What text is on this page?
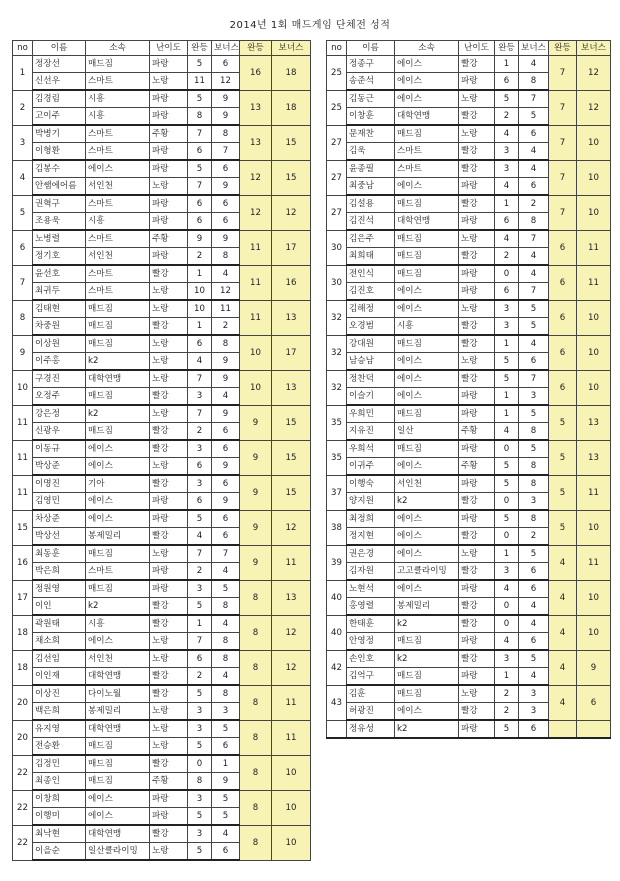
2014년 1회 매드게임 단체전 성적
no	이름	소속	난이도	완등	보너스	완등	보너스
1	정장선	매드짐	파랑	5	6	16	18
	신선우	스마트	노랑	11	12		
2	김경림	시흥	파랑	5	9	13	18
	고이주	시흥	파랑	8	9		
3	박병기	스마트	주황	7	8	13	15
	이형환	스마트	파랑	6	7		
4	김봉수	에이스	파랑	5	6	12	15
	안쌤에어름	서인천	노랑	7	9		
5	권혁구	스마트	파랑	6	6	12	12
	조용욱	시흥	파랑	6	6		
6	노병렬	스마트	주황	9	9	11	17
	정기호	서인천	파랑	2	8		
7	윤선호	스마트	빨강	1	4	11	16
	최귀두	스마트	노랑	10	12		
8	김태현	매드짐	노랑	10	11	11	13
	차중원	매드짐	빨강	1	2		
9	이상원	매드짐	노랑	6	8	10	17
	이주홍	k2	노랑	4	9		
10	구경진	대학연맹	노랑	7	9	10	13
	오정주	매드짐	빨강	3	4		
11	강은정	k2	노랑	7	9	9	15
	신광우	매드짐	빨강	2	6		
11	이동규	에이스	빨강	3	6	9	15
	박상준	에이스	노랑	6	9		
11	이명진	기아	빨강	3	6	9	15
	김영민	에이스	파랑	6	9		
15	차상준	에이스	파랑	5	6	9	12
	박상선	봉제밀리	빨강	4	6		
16	최동훈	매드짐	노랑	7	7	9	11
	박은희	스마트	파랑	2	4		
17	정원영	매드짐	파랑	3	5	8	13
	이인	k2	빨강	5	8		
18	곽원태	시흥	빨강	1	4	8	12
	채소희	에이스	노랑	7	8		
18	김선임	서인천	노랑	6	8	8	12
	이인재	대학연맹	빨강	2	4		
20	이상진	다이노월	빨강	5	8	8	11
	백은희	봉제밀리	노랑	3	3		
20	유지영	대학연맹	노랑	3	5	8	11
	전승환	매드짐	노랑	5	6		
22	김정민	매드짐	빨강	0	1	8	10
	최종인	매드짐	주황	8	9		
22	이창희	에이스	파랑	3	5	8	10
	이행미	에이스	파랑	5	5		
22	최낙현	대학연맹	빨강	3	4	8	10
	이을순	일산클라이밍	노랑	5	6		
no	이름	소속	난이도	완등	보너스	완등	보너스
25	정종구	에이스	빨강	1	4	7	12
	송준석	에이스	파랑	6	8		
25	김동근	에이스	노랑	5	7	7	12
	이창훈	대학연맹	빨강	2	5		
27	문재찬	매드짐	노랑	4	6	7	10
	김욱	스마트	빨강	3	4		
27	윤종필	스마트	빨강	3	4	7	10
	최중남	에이스	파랑	4	6		
27	김설용	매드짐	빨강	1	2	7	10
	김진석	대학연맹	파랑	6	8		
30	김은주	매드짐	노랑	4	7	6	11
	최희태	매드짐	빨강	2	4		
30	전인식	매드짐	파랑	0	4	6	11
	김진호	에이스	파랑	6	7		
32	김해정	에이스	노랑	3	5	6	10
	오경범	시흥	빨강	3	5		
32	강대원	매드짐	빨강	1	4	6	10
	남승남	에이스	노랑	5	6		
32	정찬덕	에이스	빨강	5	7	6	10
	이슬기	에이스	파랑	1	3		
35	우희민	매드짐	파랑	1	5	5	13
	지유진	일산	주황	4	8		
35	우희석	매드짐	파랑	0	5	5	13
	이귀주	에이스	주황	5	8		
37	이행숙	서인천	파랑	5	8	5	11
	양지원	k2	빨강	0	3		
38	최정희	에이스	파랑	5	8	5	10
	정지현	에이스	빨강	0	2		
39	권은경	에이스	노랑	1	5	4	11
	김자원	고고클라이밍	빨강	3	6		
40	노현석	에이스	파랑	4	6	4	10
	홍영렬	봉제밀리	빨강	0	4		
40	한태훈	k2	빨강	0	4	4	10
	안영정	매드짐	파랑	4	6		
42	손인호	k2	빨강	3	5	4	9
	김억구	매드짐	파랑	1	4		
43	김훈	매드짐	노랑	2	3	4	6
	허광진	에이스	빨강	2	3		
	정유성	k2	파랑	5	6		
